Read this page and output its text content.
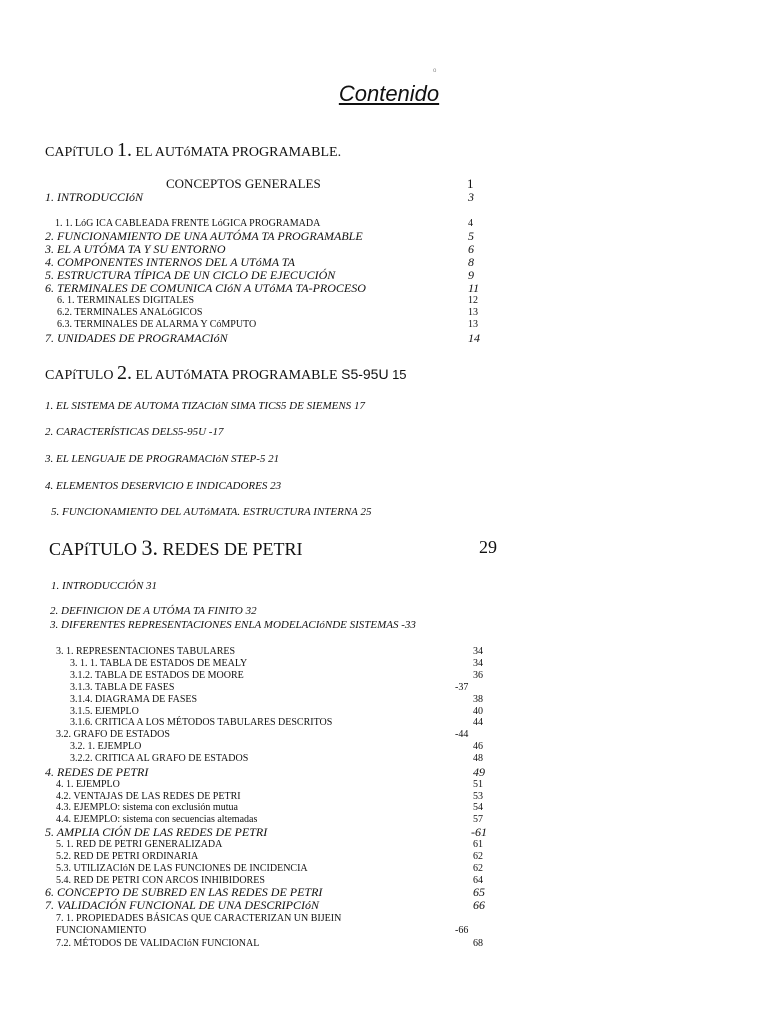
o
Contenido
CAPíTULO 1. EL AUTóMATA PROGRAMABLE.
CONCEPTOS GENERALES	1
1. INTRODUCCIóN	3
1. 1. LóG ICA CABLEADA FRENTE LóGICA PROGRAMADA	4
2. FUNCIONAMIENTO DE UNA AUTÓMA TA PROGRAMABLE	5
3. EL A UTÓMA TA Y SU ENTORNO	6
4. COMPONENTES INTERNOS DEL A UTóMA TA	8
5. ESTRUCTURA TÍPICA DE UN CICLO DE EJECUCIÓN	9
6. TERMINALES DE COMUNICA CIóN A UTóMA TA-PROCESO	11
6. 1. TERMINALES DIGITALES	12
6.2. TERMINALES ANALóGICOS	13
6.3. TERMINALES DE ALARMA Y CóMPUTO	13
7. UNIDADES DE PROGRAMACIóN	14
CAPíTULO 2. EL AUTóMATA PROGRAMABLE S5-95U 15
1. EL SISTEMA DE AUTOMA TIZACIóN SIMA TICS5 DE SIEMENS 17
2. CARACTERÍSTICAS DELS5-95U -17
3. EL LENGUAJE DE PROGRAMACIóN STEP-5 21
4. ELEMENTOS DESERVICIO E INDICADORES 23
5. FUNCIONAMIENTO DEL AUTóMATA. ESTRUCTURA INTERNA 25
CAPíTULO 3. REDES DE PETRI	29
1. INTRODUCCIÓN 31
2. DEFINICION DE A UTÓMA TA FINITO 32
3. DIFERENTES REPRESENTACIONES ENLA MODELACIóNDE SISTEMAS -33
3. 1. REPRESENTACIONES TABULARES	34
3. 1. 1. TABLA DE ESTADOS DE MEALY	34
3.1.2. TABLA DE ESTADOS DE MOORE	36
3.1.3. TABLA DE FASES	-37
3.1.4. DIAGRAMA DE FASES	38
3.1.5. EJEMPLO	40
3.1.6. CRITICA A LOS MÉTODOS TABULARES DESCRITOS	44
3.2. GRAFO DE ESTADOS	-44
3.2. 1. EJEMPLO	46
3.2.2. CRITICA AL GRAFO DE ESTADOS	48
4. REDES DE PETRI	49
4. 1. EJEMPLO	51
4.2. VENTAJAS DE LAS REDES DE PETRI	53
4.3. EJEMPLO: sistema con exclusión mutua	54
4.4. EJEMPLO: sistema con secuencias altemadas	57
5. AMPLIA CIÓN DE LAS REDES DE PETRI	-61
5. 1. RED DE PETRI GENERALIZADA	61
5.2. RED DE PETRI ORDINARIA	62
5.3. UTILIZACIóN DE LAS FUNCIONES DE INCIDENCIA	62
5.4. RED DE PETRI CON ARCOS INHIBIDORES	64
6. CONCEPTO DE SUBRED EN LAS REDES DE PETRI	65
7. VALIDACIÓN FUNCIONAL DE UNA DESCRIPCIóN	66
7. 1. PROPIEDADES BÁSICAS QUE CARACTERIZAN UN BIJEIN
FUNCIONAMIENTO	-66
7.2. MÉTODOS DE VALIDACIóN FUNCIONAL	68
